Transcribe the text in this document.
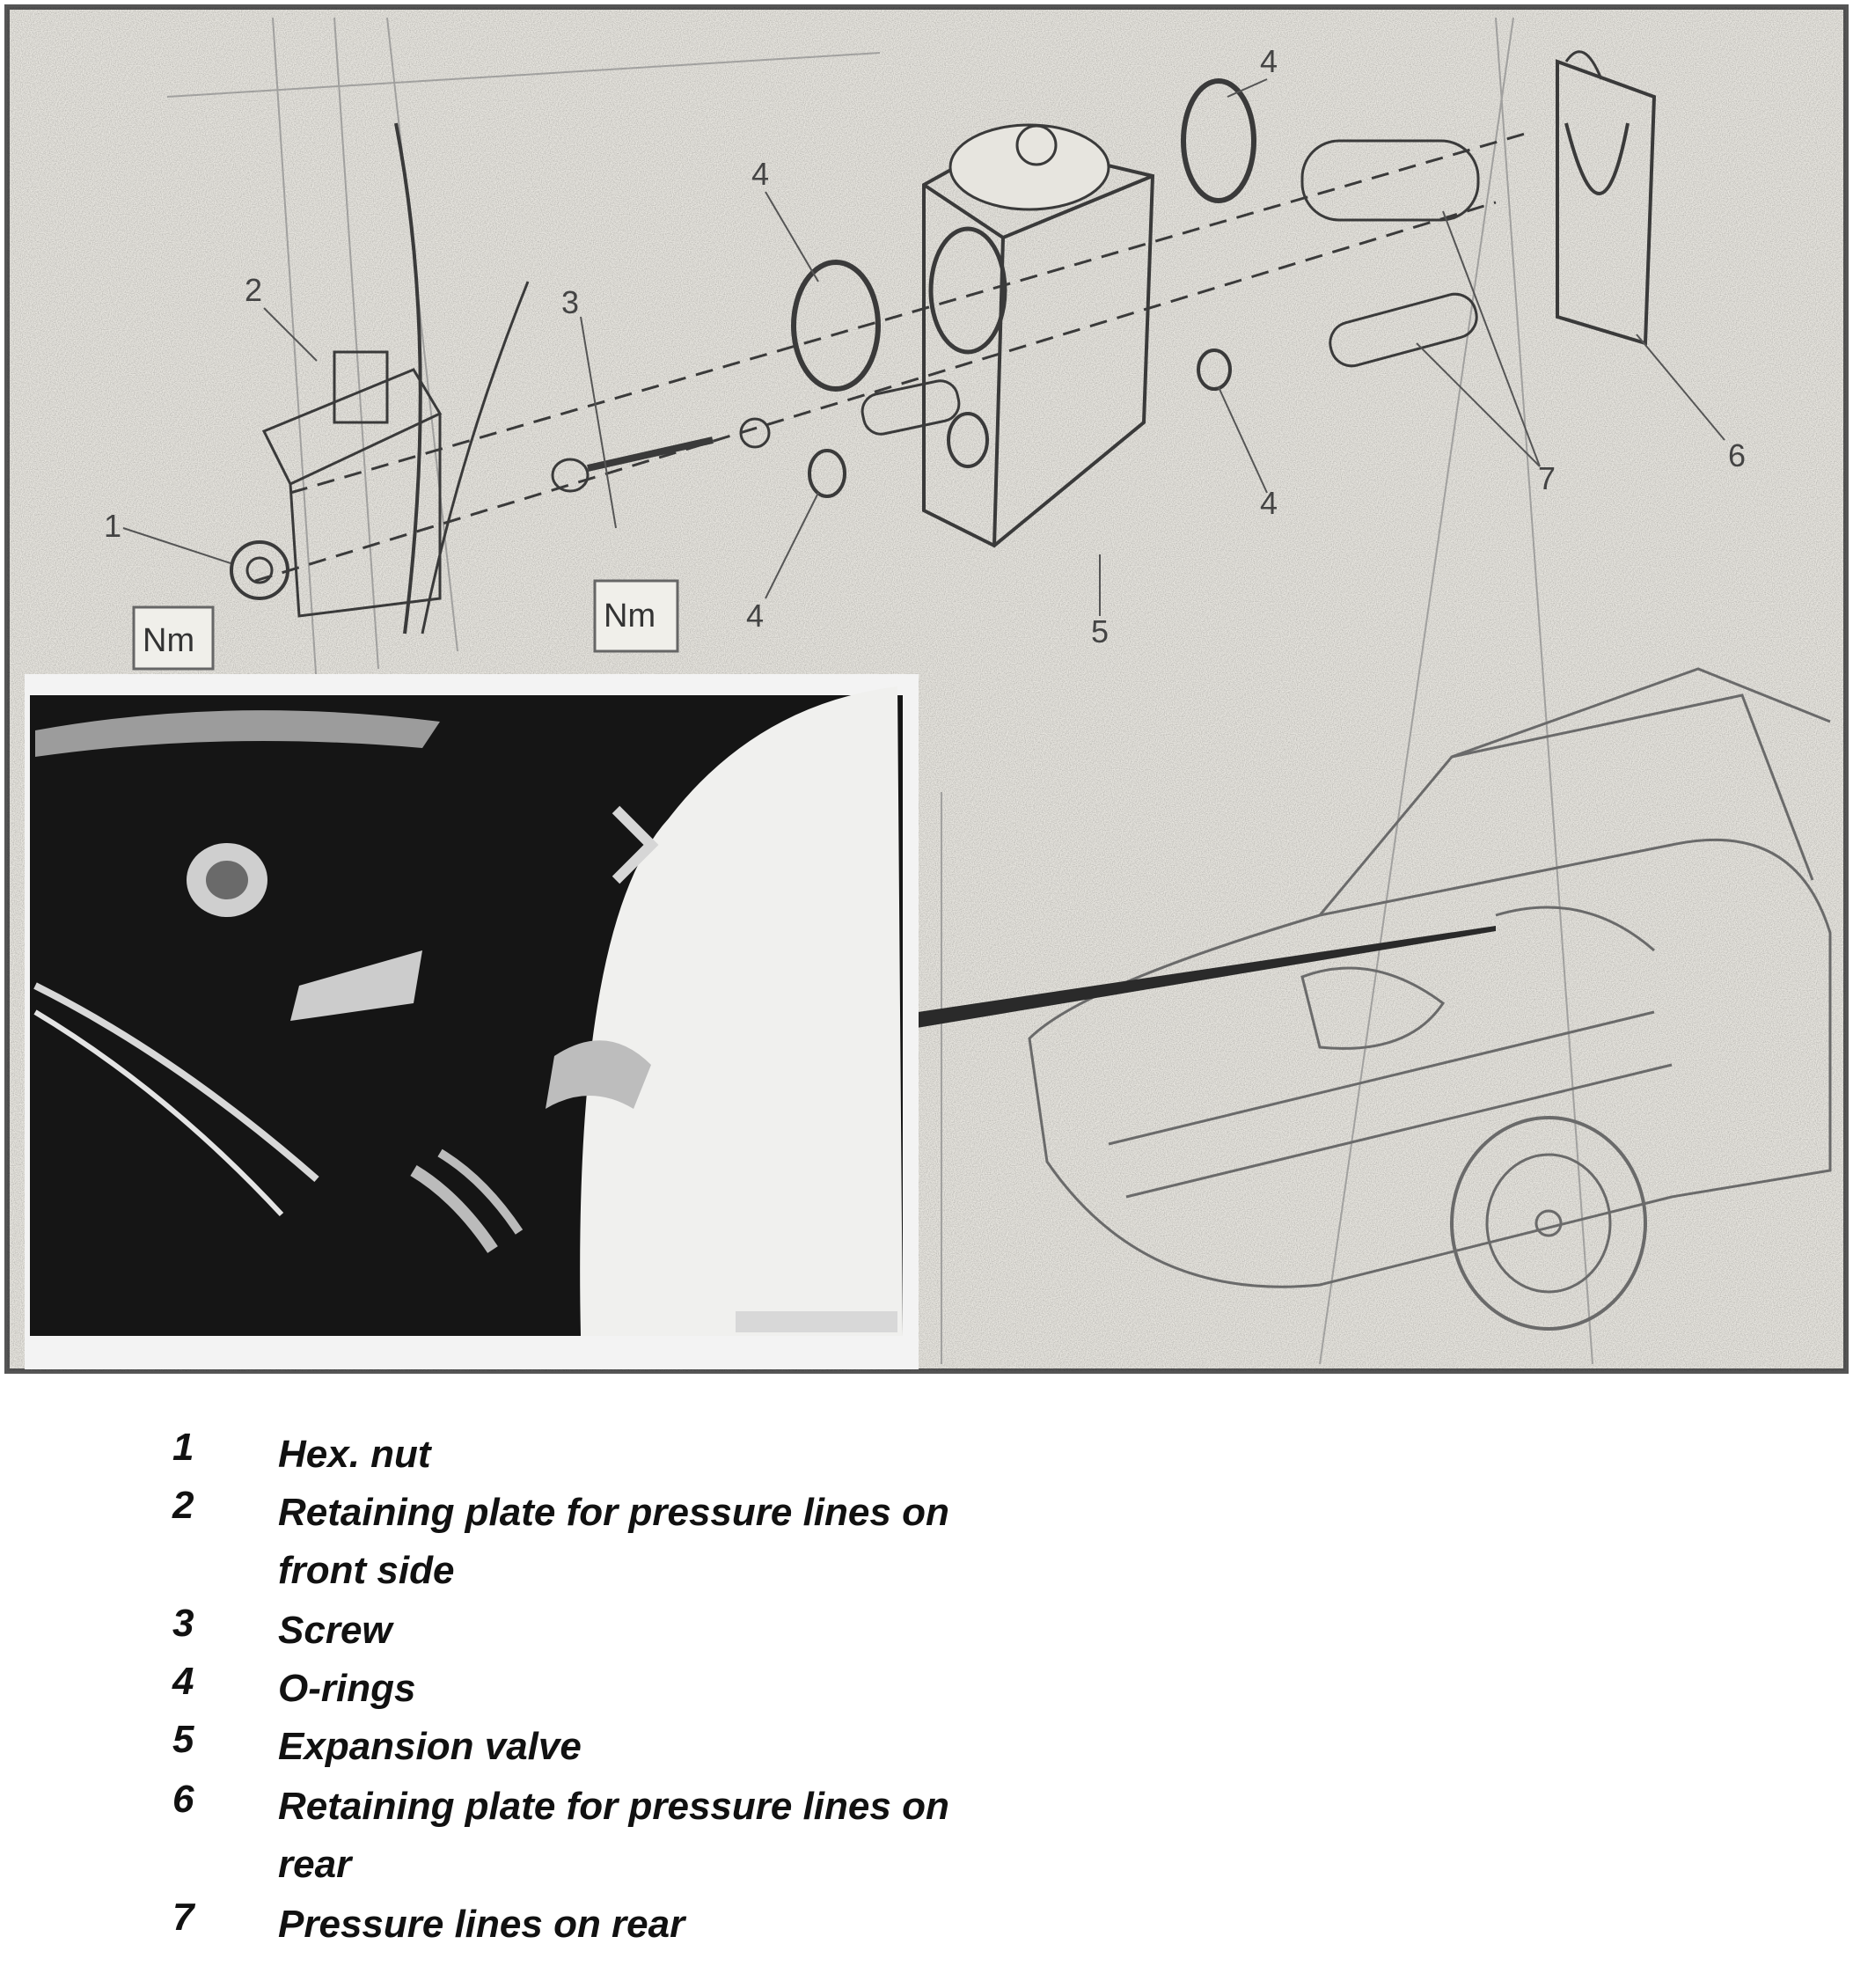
1
2	3
4
4
4
4
5
6
7
Nm
Nm
1	Hex. nut
2	Retaining plate for pressure lines on front side
3	Screw
4	O-rings
5	Expansion valve
6	Retaining plate for pressure lines on rear
7	Pressure lines on rear
